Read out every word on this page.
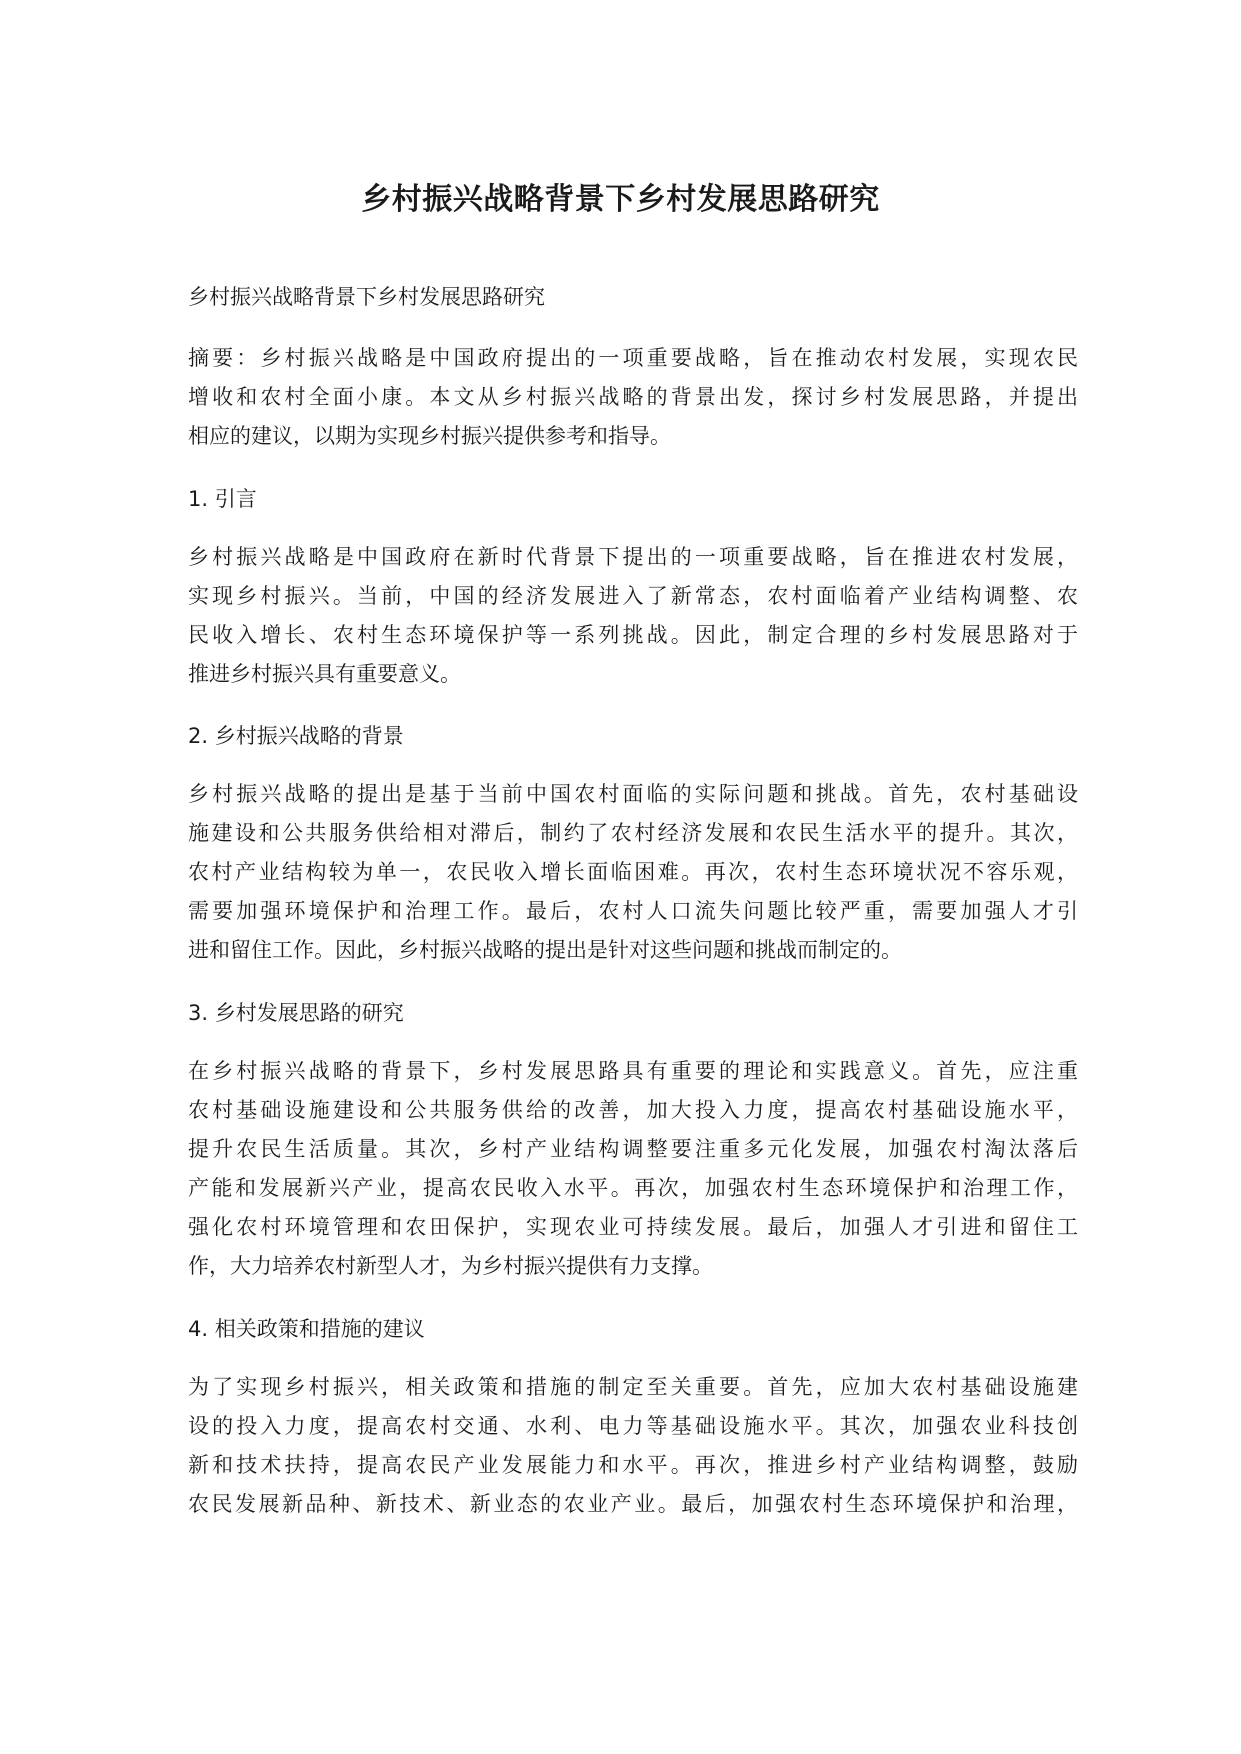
乡村振兴战略背景下乡村发展思路研究

乡村振兴战略背景下乡村发展思路研究

摘要：乡村振兴战略是中国政府提出的一项重要战略，旨在推动农村发展，实现农民
增收和农村全面小康。本文从乡村振兴战略的背景出发，探讨乡村发展思路，并提出
相应的建议，以期为实现乡村振兴提供参考和指导。

1. 引言

乡村振兴战略是中国政府在新时代背景下提出的一项重要战略，旨在推进农村发展，
实现乡村振兴。当前，中国的经济发展进入了新常态，农村面临着产业结构调整、农
民收入增长、农村生态环境保护等一系列挑战。因此，制定合理的乡村发展思路对于
推进乡村振兴具有重要意义。

2. 乡村振兴战略的背景

乡村振兴战略的提出是基于当前中国农村面临的实际问题和挑战。首先，农村基础设
施建设和公共服务供给相对滞后，制约了农村经济发展和农民生活水平的提升。其次，
农村产业结构较为单一，农民收入增长面临困难。再次，农村生态环境状况不容乐观，
需要加强环境保护和治理工作。最后，农村人口流失问题比较严重，需要加强人才引
进和留住工作。因此，乡村振兴战略的提出是针对这些问题和挑战而制定的。

3. 乡村发展思路的研究

在乡村振兴战略的背景下，乡村发展思路具有重要的理论和实践意义。首先，应注重
农村基础设施建设和公共服务供给的改善，加大投入力度，提高农村基础设施水平，
提升农民生活质量。其次，乡村产业结构调整要注重多元化发展，加强农村淘汰落后
产能和发展新兴产业，提高农民收入水平。再次，加强农村生态环境保护和治理工作，
强化农村环境管理和农田保护，实现农业可持续发展。最后，加强人才引进和留住工
作，大力培养农村新型人才，为乡村振兴提供有力支撑。

4. 相关政策和措施的建议

为了实现乡村振兴，相关政策和措施的制定至关重要。首先，应加大农村基础设施建
设的投入力度，提高农村交通、水利、电力等基础设施水平。其次，加强农业科技创
新和技术扶持，提高农民产业发展能力和水平。再次，推进乡村产业结构调整，鼓励
农民发展新品种、新技术、新业态的农业产业。最后，加强农村生态环境保护和治理，
